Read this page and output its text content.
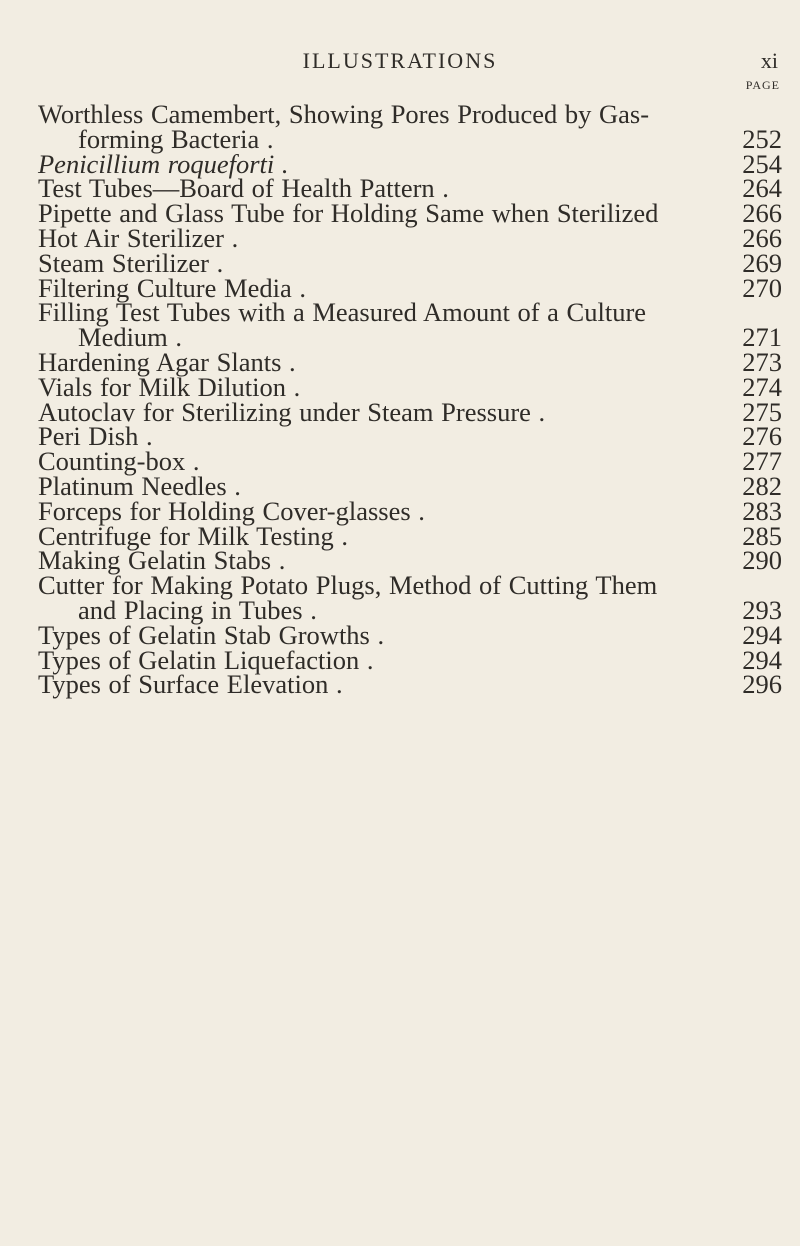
ILLUSTRATIONS	xi
PAGE
Worthless Camembert, Showing Pores Produced by Gas-
forming Bacteria .	252
Penicillium roqueforti .	254
Test Tubes—Board of Health Pattern .	264
Pipette and Glass Tube for Holding Same when Sterilized	266
Hot Air Sterilizer .	266
Steam Sterilizer .	269
Filtering Culture Media .	270
Filling Test Tubes with a Measured Amount of a Culture
Medium .	271
Hardening Agar Slants .	273
Vials for Milk Dilution .	274
Autoclav for Sterilizing under Steam Pressure .	275
Peri Dish .	276
Counting-box .	277
Platinum Needles .	282
Forceps for Holding Cover-glasses .	283
Centrifuge for Milk Testing .	285
Making Gelatin Stabs .	290
Cutter for Making Potato Plugs, Method of Cutting Them
and Placing in Tubes .	293
Types of Gelatin Stab Growths .	294
Types of Gelatin Liquefaction .	294
Types of Surface Elevation .	296
